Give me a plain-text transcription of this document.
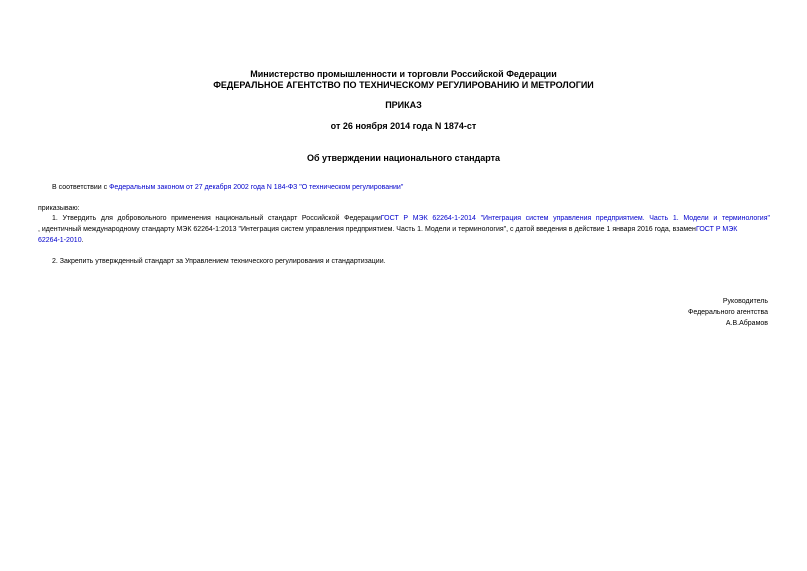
Министерство промышленности и торговли Российской Федерации
ФЕДЕРАЛЬНОЕ АГЕНТСТВО ПО ТЕХНИЧЕСКОМУ РЕГУЛИРОВАНИЮ И МЕТРОЛОГИИ
ПРИКАЗ
от 26 ноября 2014 года N 1874-ст
Об утверждении национального стандарта
В соответствии с Федеральным законом от 27 декабря 2002 года N 184-ФЗ "О техническом регулировании"
приказываю:
1. Утвердить для добровольного применения национальный стандарт Российской ФедерацииГОСТ Р МЭК 62264-1-2014 "Интеграция систем управления предприятием. Часть 1. Модели и терминология"
, идентичный международному стандарту МЭК 62264-1:2013 "Интеграция систем управления предприятием. Часть 1. Модели и терминология", с датой введения в действие 1 января 2016 года, взаменГОСТ Р МЭК
62264-1-2010.
2. Закрепить утвержденный стандарт за Управлением технического регулирования и стандартизации.
Руководитель
Федерального агентства
А.В.Абрамов
